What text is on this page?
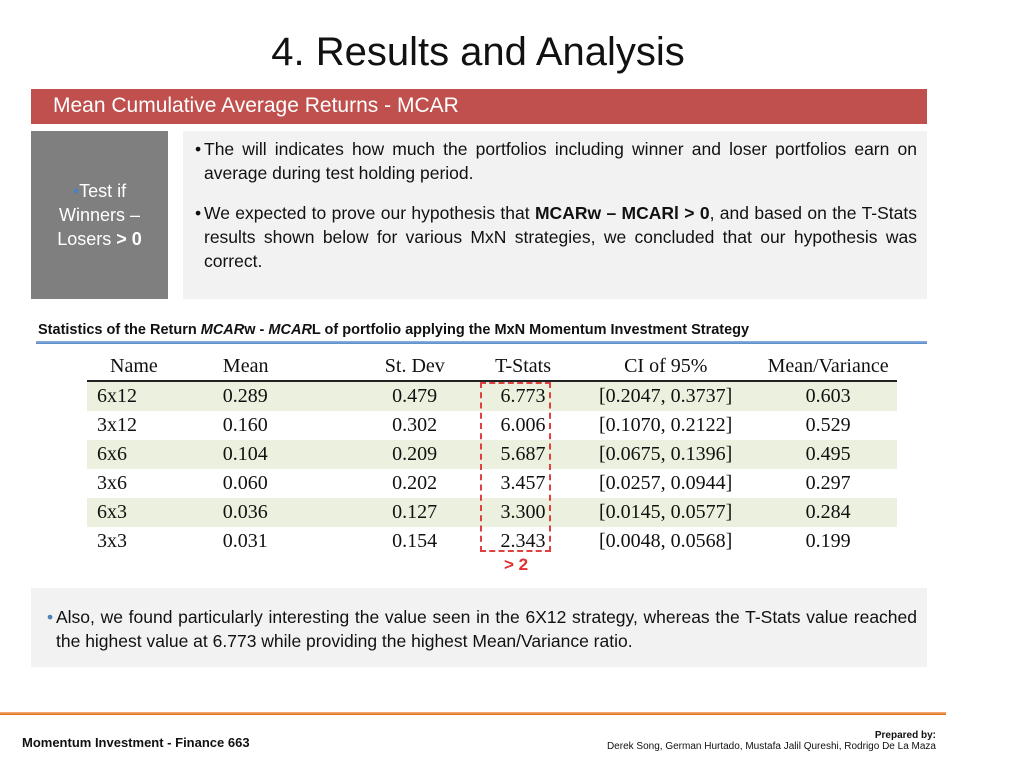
4. Results and Analysis
Mean Cumulative Average Returns - MCAR
•Test if
Winners –
Losers > 0
• The will indicates how much the portfolios including winner and loser portfolios earn on average during test holding period.
• We expected to prove our hypothesis that MCARw – MCARl > 0, and based on the T-Stats results shown below for various MxN strategies, we concluded that our hypothesis was correct.
Statistics of the Return MCARw - MCARL of portfolio applying the MxN Momentum Investment Strategy
Name	Mean	St. Dev	T-Stats	CI of 95%	Mean/Variance
6x12	0.289	0.479	6.773	[0.2047, 0.3737]	0.603
3x12	0.160	0.302	6.006	[0.1070, 0.2122]	0.529
6x6	0.104	0.209	5.687	[0.0675, 0.1396]	0.495
3x6	0.060	0.202	3.457	[0.0257, 0.0944]	0.297
6x3	0.036	0.127	3.300	[0.0145, 0.0577]	0.284
3x3	0.031	0.154	2.343	[0.0048, 0.0568]	0.199
> 2
• Also, we found particularly interesting the value seen in the 6X12 strategy, whereas the T-Stats value reached the highest value at 6.773 while providing the highest Mean/Variance ratio.
Momentum Investment - Finance 663	Prepared by:
Derek Song, German Hurtado, Mustafa Jalil Qureshi, Rodrigo De La Maza
